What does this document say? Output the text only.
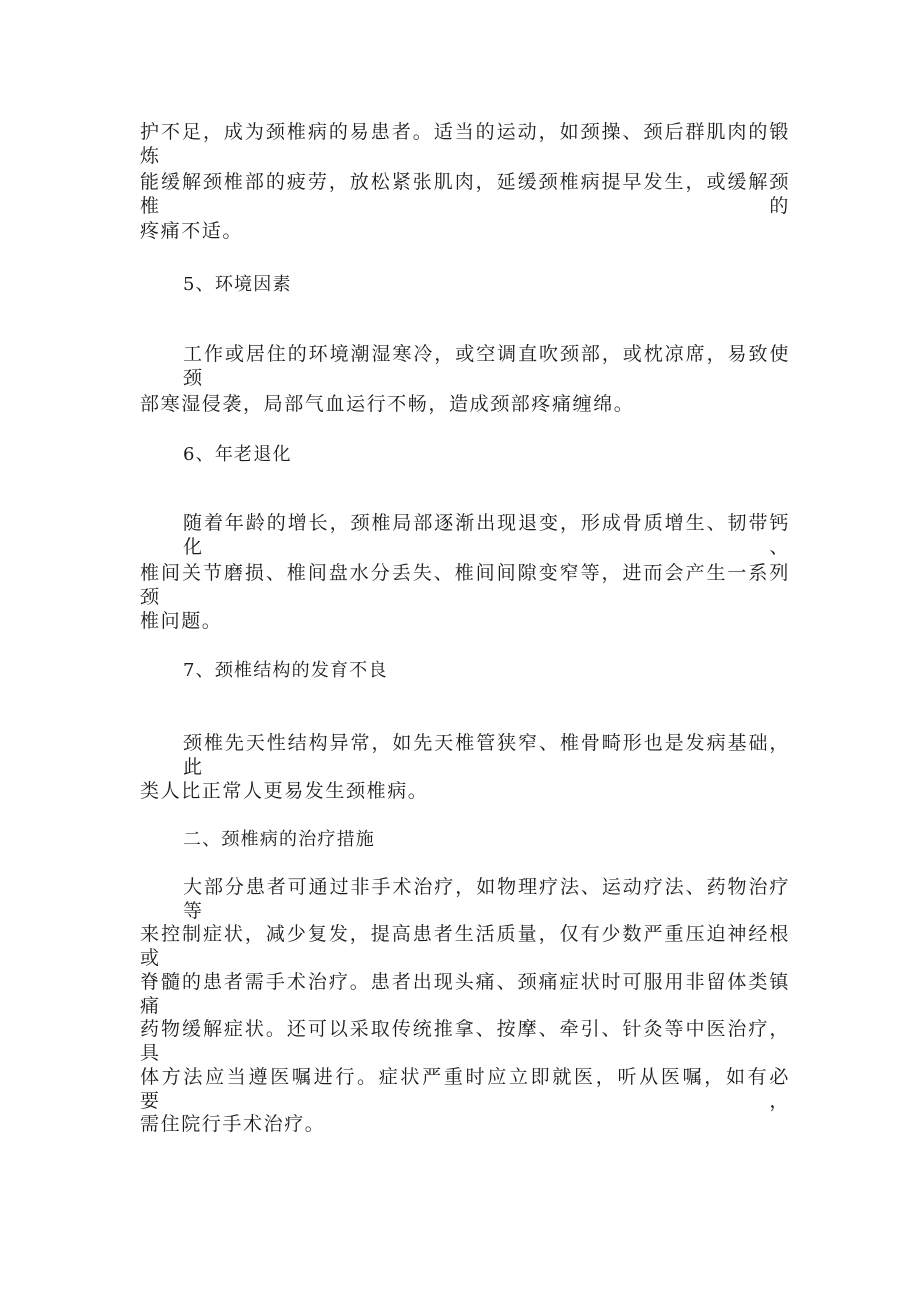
护不足，成为颈椎病的易患者。适当的运动，如颈操、颈后群肌肉的锻炼
能缓解颈椎部的疲劳，放松紧张肌肉，延缓颈椎病提早发生，或缓解颈椎的
疼痛不适。
5、环境因素
工作或居住的环境潮湿寒冷，或空调直吹颈部，或枕凉席，易致使颈
部寒湿侵袭，局部气血运行不畅，造成颈部疼痛缠绵。
6、年老退化
随着年龄的增长，颈椎局部逐渐出现退变，形成骨质增生、韧带钙化、
椎间关节磨损、椎间盘水分丢失、椎间间隙变窄等，进而会产生一系列颈
椎问题。
7、颈椎结构的发育不良
颈椎先天性结构异常，如先天椎管狭窄、椎骨畸形也是发病基础，此
类人比正常人更易发生颈椎病。
二、颈椎病的治疗措施
大部分患者可通过非手术治疗，如物理疗法、运动疗法、药物治疗等
来控制症状，减少复发，提高患者生活质量，仅有少数严重压迫神经根或
脊髓的患者需手术治疗。患者出现头痛、颈痛症状时可服用非留体类镇痛
药物缓解症状。还可以采取传统推拿、按摩、牵引、针灸等中医治疗，具
体方法应当遵医嘱进行。症状严重时应立即就医，听从医嘱，如有必要，
需住院行手术治疗。
